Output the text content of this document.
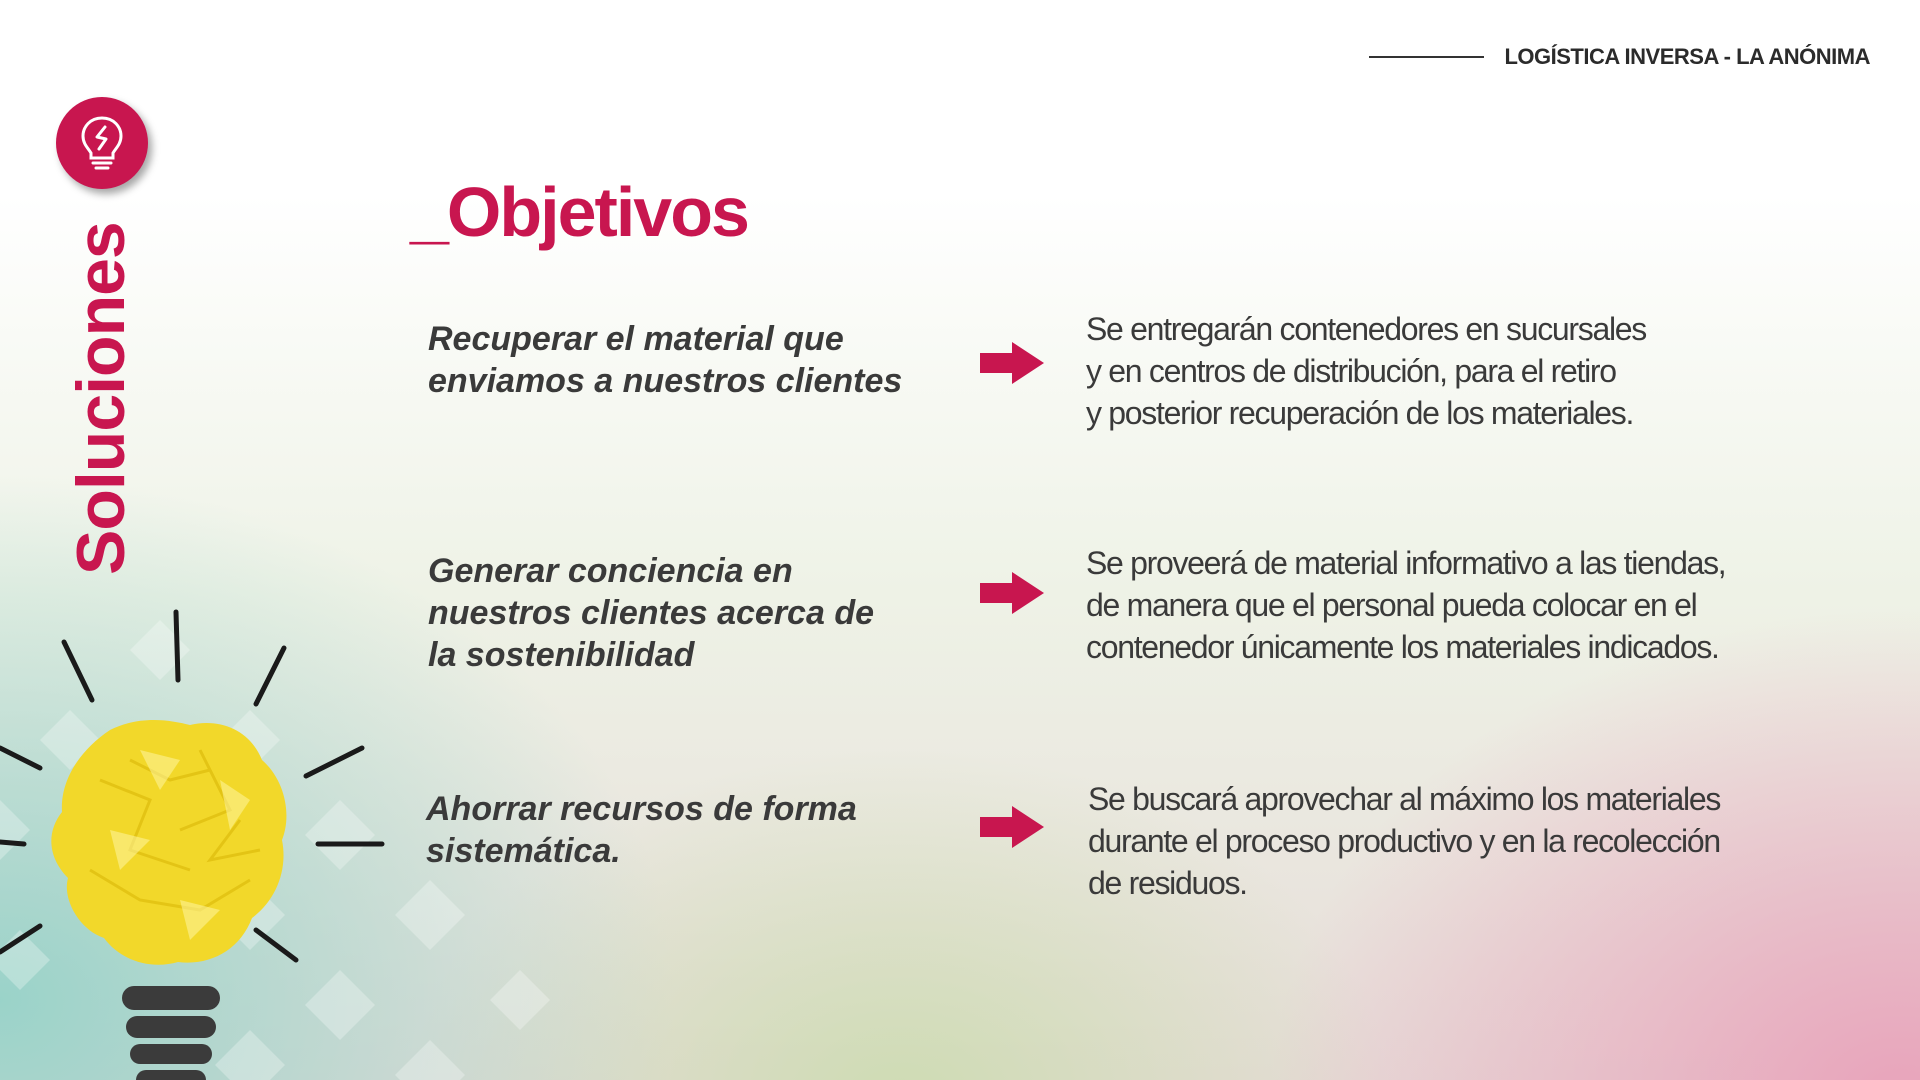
LOGÍSTICA INVERSA - LA ANÓNIMA
Soluciones
_Objetivos
Recuperar el material que
enviamos a nuestros clientes
Se entregarán contenedores en sucursales
y en centros de distribución, para el retiro
y posterior recuperación de los materiales.
Generar conciencia en
nuestros clientes acerca de
la sostenibilidad
Se proveerá de material informativo a las tiendas,
de manera que el personal pueda colocar en el
contenedor únicamente los materiales indicados.
Ahorrar recursos de forma
sistemática.
Se buscará aprovechar al máximo los materiales
durante el proceso productivo y en la recolección
de residuos.
